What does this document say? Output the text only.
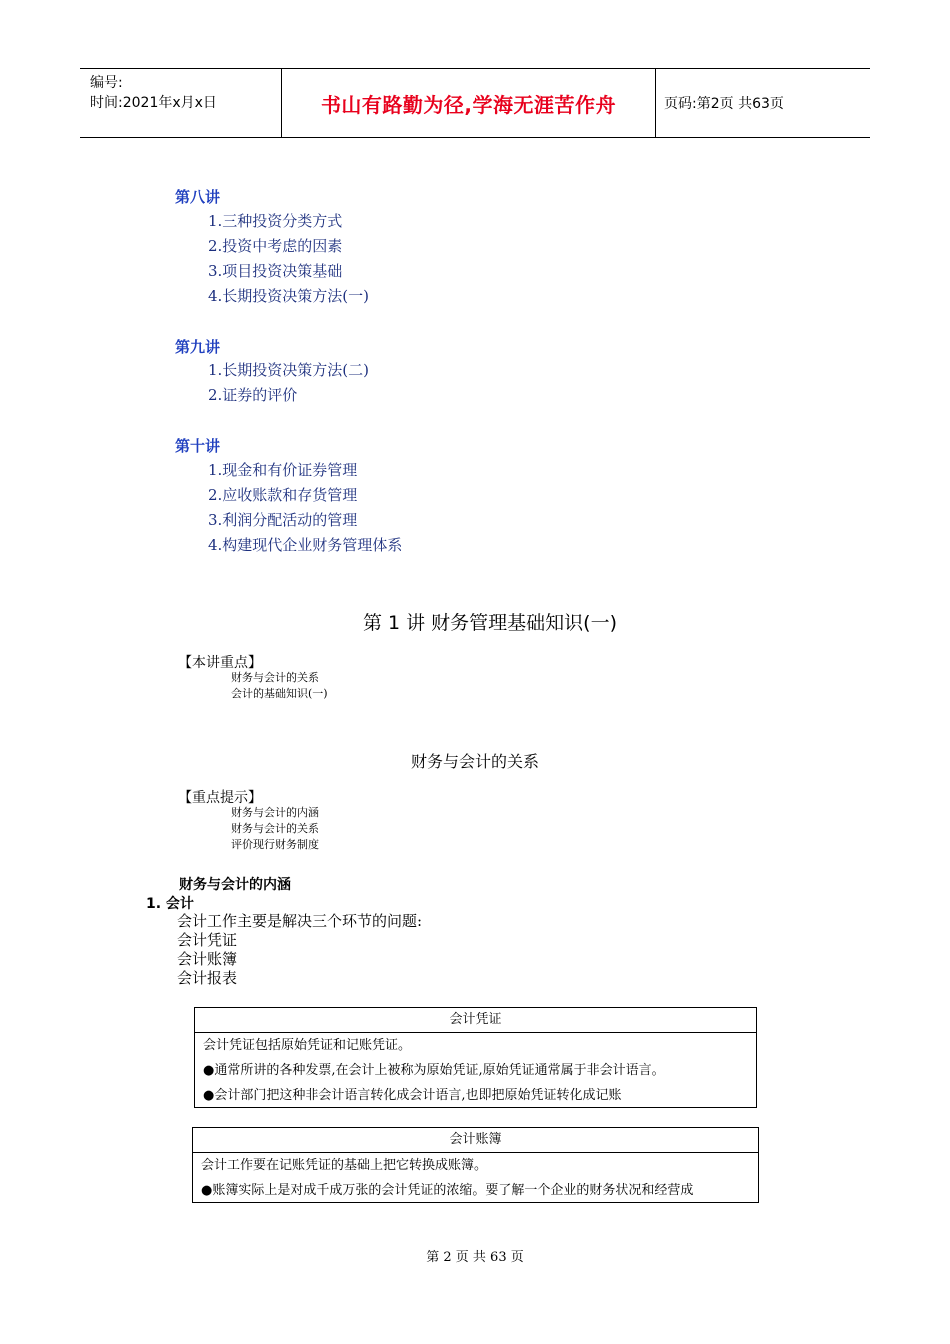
编号:
时间:2021年x月x日	书山有路勤为径,学海无涯苦作舟	页码:第2页 共63页
第八讲
1.三种投资分类方式
2.投资中考虑的因素
3.项目投资决策基础
4.长期投资决策方法(一)
第九讲
1.长期投资决策方法(二)
2.证券的评价
第十讲
1.现金和有价证券管理
2.应收账款和存货管理
3.利润分配活动的管理
4.构建现代企业财务管理体系
第 1 讲 财务管理基础知识(一)
【本讲重点】
财务与会计的关系
会计的基础知识(一)
财务与会计的关系
【重点提示】
财务与会计的内涵
财务与会计的关系
评价现行财务制度
财务与会计的内涵
1. 会计
会计工作主要是解决三个环节的问题:
会计凭证
会计账簿
会计报表
会计凭证
会计凭证包括原始凭证和记账凭证。
●通常所讲的各种发票,在会计上被称为原始凭证,原始凭证通常属于非会计语言。
●会计部门把这种非会计语言转化成会计语言,也即把原始凭证转化成记账
会计账簿
会计工作要在记账凭证的基础上把它转换成账簿。
●账簿实际上是对成千成万张的会计凭证的浓缩。要了解一个企业的财务状况和经营成
第 2 页 共 63 页
